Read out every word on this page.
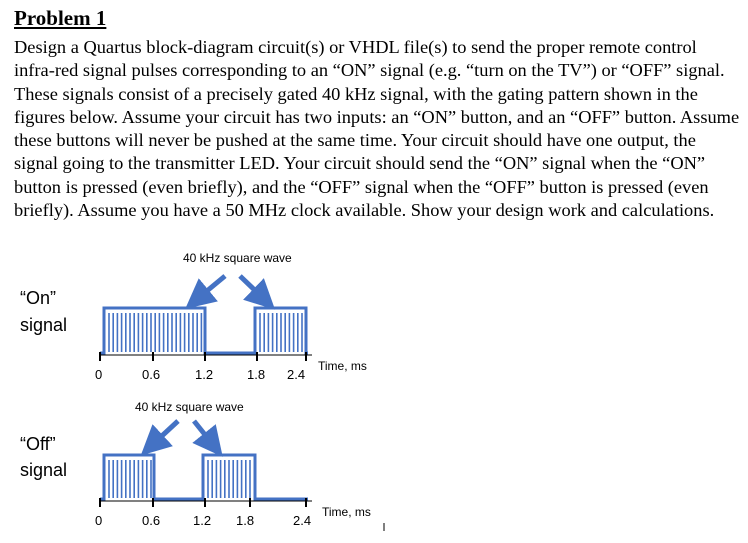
Problem 1

Design a Quartus block-diagram circuit(s) or VHDL file(s) to send the proper remote control infra-red signal pulses corresponding to an “ON” signal (e.g. “turn on the TV”) or “OFF” signal. These signals consist of a precisely gated 40 kHz signal, with the gating pattern shown in the figures below. Assume your circuit has two inputs: an “ON” button, and an “OFF” button. Assume these buttons will never be pushed at the same time. Your circuit should have one output, the signal going to the transmitter LED. Your circuit should send the “ON” signal when the “ON” button is pressed (even briefly), and the “OFF” signal when the “OFF” button is pressed (even briefly). Assume you have a 50 MHz clock available. Show your design work and calculations.

“On”
signal
40 kHz square wave
0	0.6	1.2	1.8 2.4
Time, ms
“Off”
signal
40 kHz square wave
0	0.6	1.2 1.8	2.4
Time, ms
